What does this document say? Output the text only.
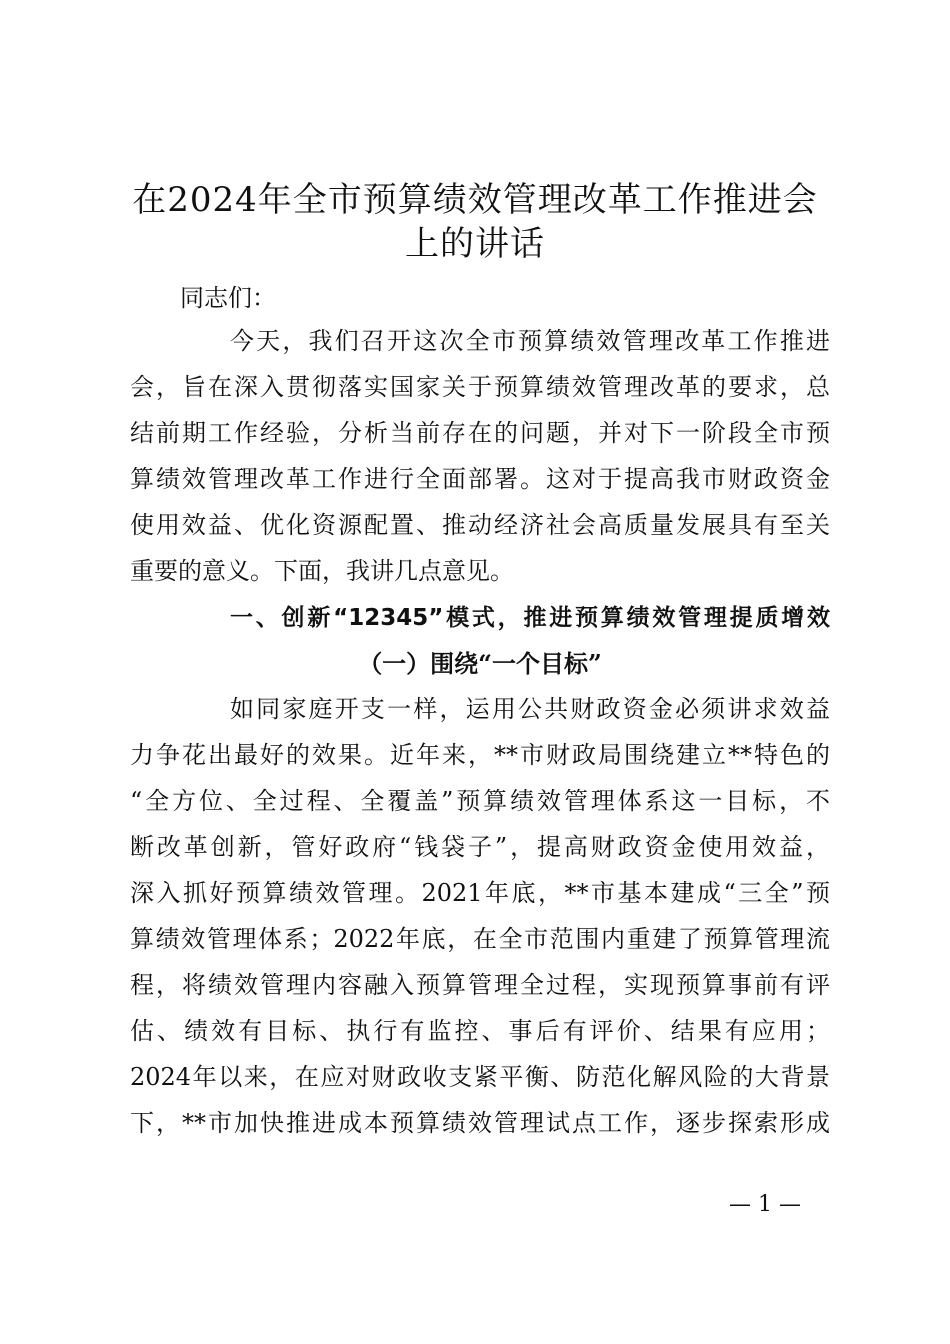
在2024年全市预算绩效管理改革工作推进会
上的讲话

同志们：

今天，我们召开这次全市预算绩效管理改革工作推进
会，旨在深入贯彻落实国家关于预算绩效管理改革的要求，总
结前期工作经验，分析当前存在的问题，并对下一阶段全市预
算绩效管理改革工作进行全面部署。这对于提高我市财政资金
使用效益、优化资源配置、推动经济社会高质量发展具有至关
重要的意义。下面，我讲几点意见。
一、创新“12345”模式，推进预算绩效管理提质增效
（一）围绕“一个目标”
如同家庭开支一样，运用公共财政资金必须讲求效益
力争花出最好的效果。近年来，**市财政局围绕建立**特色的
“全方位、全过程、全覆盖”预算绩效管理体系这一目标，不
断改革创新，管好政府“钱袋子”，提高财政资金使用效益，
深入抓好预算绩效管理。2021年底，**市基本建成“三全”预
算绩效管理体系；2022年底，在全市范围内重建了预算管理流
程，将绩效管理内容融入预算管理全过程，实现预算事前有评
估、绩效有目标、执行有监控、事后有评价、结果有应用；
2024年以来，在应对财政收支紧平衡、防范化解风险的大背景
下，**市加快推进成本预算绩效管理试点工作，逐步探索形成

— 1 —
